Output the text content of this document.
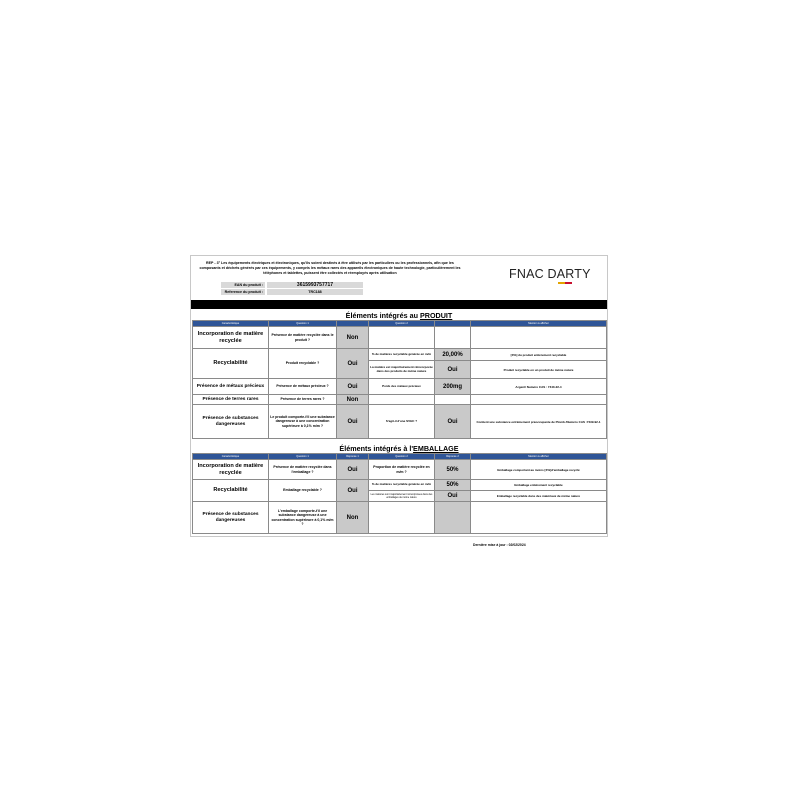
REP - 3° Les équipements électriques et électroniques, qu'ils soient destinés à être utilisés par les particuliers ou les professionnels, afin que les composants et déchets générés par ces équipements, y compris les métaux rares des appareils électroniques de haute technologie, particulièrement les téléphones et tablettes, puissent être collectés et réemployés après utilisation	FNAC DARTY
EAN du produit :	3615993757717
Reference du produit :	TRC188
Éléments intégrés au PRODUIT
Caractéristique	Question 1		Question 2		Mention à afficher
Incorporation de matière recyclée	Présence de matière recyclée dans le produit ?	Non			
Recyclabilité	Produit recyclable ?	Oui	% de matières recyclable générée en m/m	20,00%	[X%] du produit entièrement recyclable
			La matière est majoritairement réincorporée dans des produits de même nature	Oui	Produit recyclable en un produit de même nature
Présence de métaux précieux	Présence de métaux précieux ?	Oui	Poids des métaux précieux	200mg	Argent/ Numéro CAS : 7440-22-4
Présence de terres rares	Présence de terres rares ?	Non			
Présence de substances dangereuses	Le produit comporte-t'il une substance dangereuse à une concentration supérieure à 0,1% m/m ?	Oui	S'agit-il d'une SVHC ?	Oui	Contient une substance extrêmement préoccupante de Plomb /Numéro CAS :7439-92-1
Éléments intégrés à l'EMBALLAGE
Caractéristique	Question 1	Réponse 1	Question 2	Réponse 2	Mention à afficher
Incorporation de matière recyclée	Présence de matière recyclée dans l'emballage ?	Oui	Proportion de matière recyclée en m/m ?	50%	Emballage comportant au moins [X%]d'emballage recyclé
Recyclabilité	Emballage recyclable ?	Oui	% de matières recyclable générée en m/m	50%	Emballage entièrement recyclable
			Les matières sont majoritairement réincorporées dans des emballages de même nature	Oui	Emballage recyclable dans des matériaux de même nature
Présence de substances dangereuses	L'emballage comporte-t'il une substance dangereuse à une concentration supérieure à 0,1% m/m ?	Non			
Dernière mise à jour : 02/02/2024
